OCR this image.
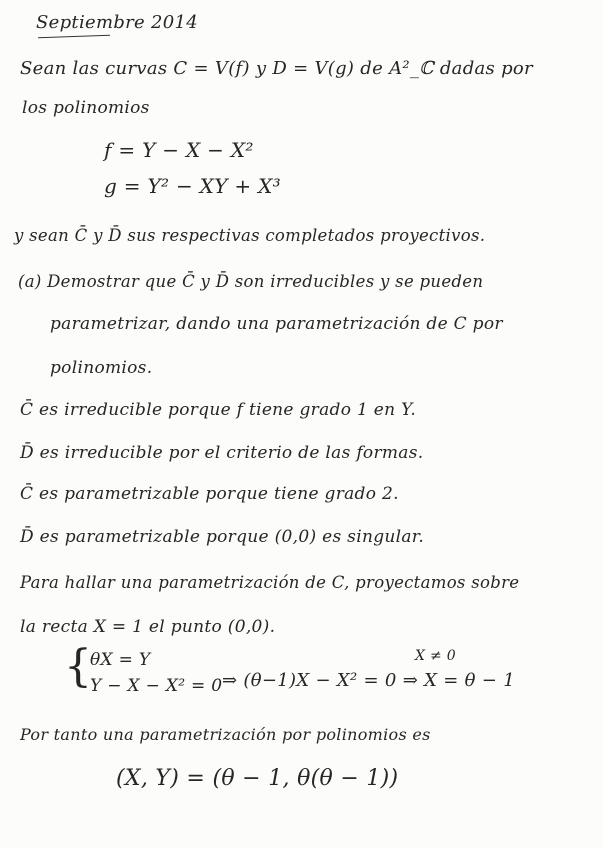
Septiembre 2014
Sean las curvas C = V(f) y D = V(g) de A²_ℂ dadas por
los polinomios
f = Y − X − X²
g = Y² − XY + X³
y sean C̄ y D̄ sus respectivas completados proyectivos.
(a) Demostrar que C̄ y D̄ son irreducibles y se pueden
parametrizar, dando una parametrización de C por
polinomios.
C̄ es irreducible porque f tiene grado 1 en Y.
D̄ es irreducible por el criterio de las formas.
C̄ es parametrizable porque tiene grado 2.
D̄ es parametrizable porque (0,0) es singular.
Para hallar una parametrización de C, proyectamos sobre
la recta X = 1 el punto (0,0).
{
θX = Y
Y − X − X² = 0
X ≠ 0
⇒ (θ−1)X − X² = 0 ⇒ X = θ − 1
Por tanto una parametrización por polinomios es
(X, Y) = (θ − 1, θ(θ − 1))
